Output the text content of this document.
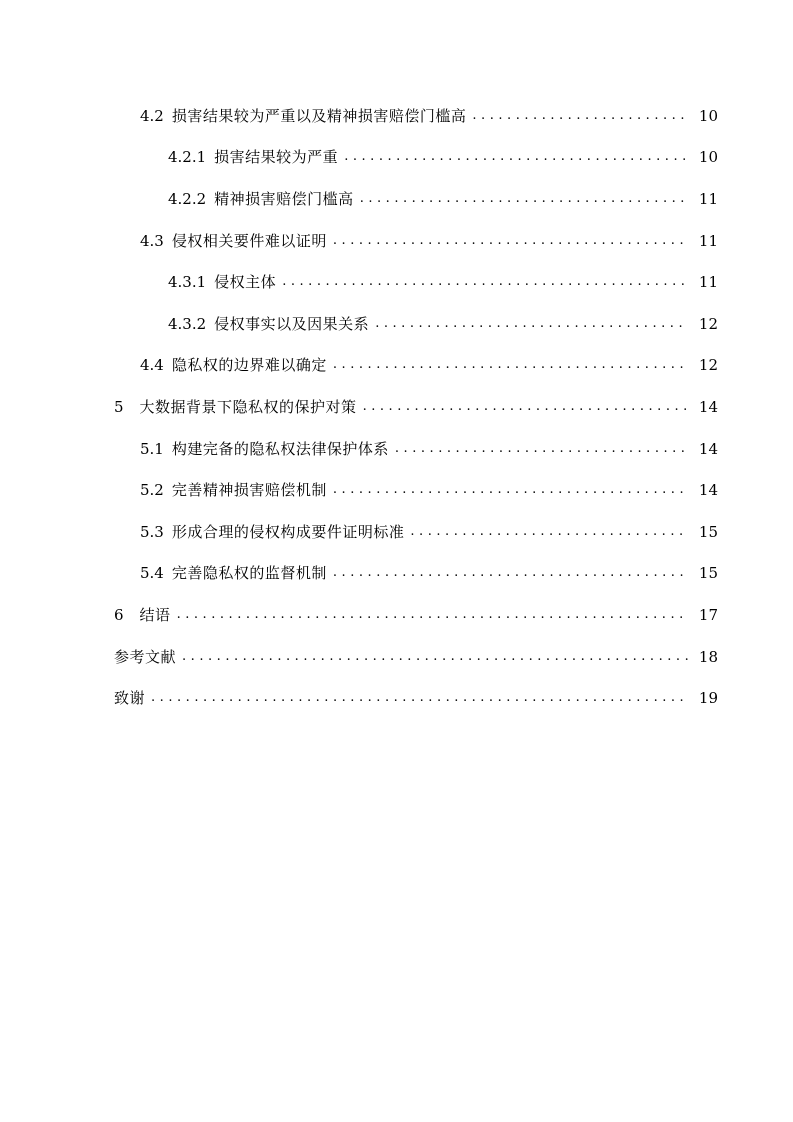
4.2 损害结果较为严重以及精神损害赔偿门槛高 . . .	10
4.2.1 损害结果较为严重 . . .	10
4.2.2 精神损害赔偿门槛高 . . .	11
4.3 侵权相关要件难以证明 . . .	11
4.3.1 侵权主体 . . .	11
4.3.2 侵权事实以及因果关系 . . .	12
4.4 隐私权的边界难以确定 . . .	12
5 大数据背景下隐私权的保护对策 . . .	14
5.1 构建完备的隐私权法律保护体系 . . .	14
5.2 完善精神损害赔偿机制 . . .	14
5.3 形成合理的侵权构成要件证明标准 . . .	15
5.4 完善隐私权的监督机制 . . .	15
6 结语 . . .	17
参考文献 . . .	18
致谢 . . .	19
